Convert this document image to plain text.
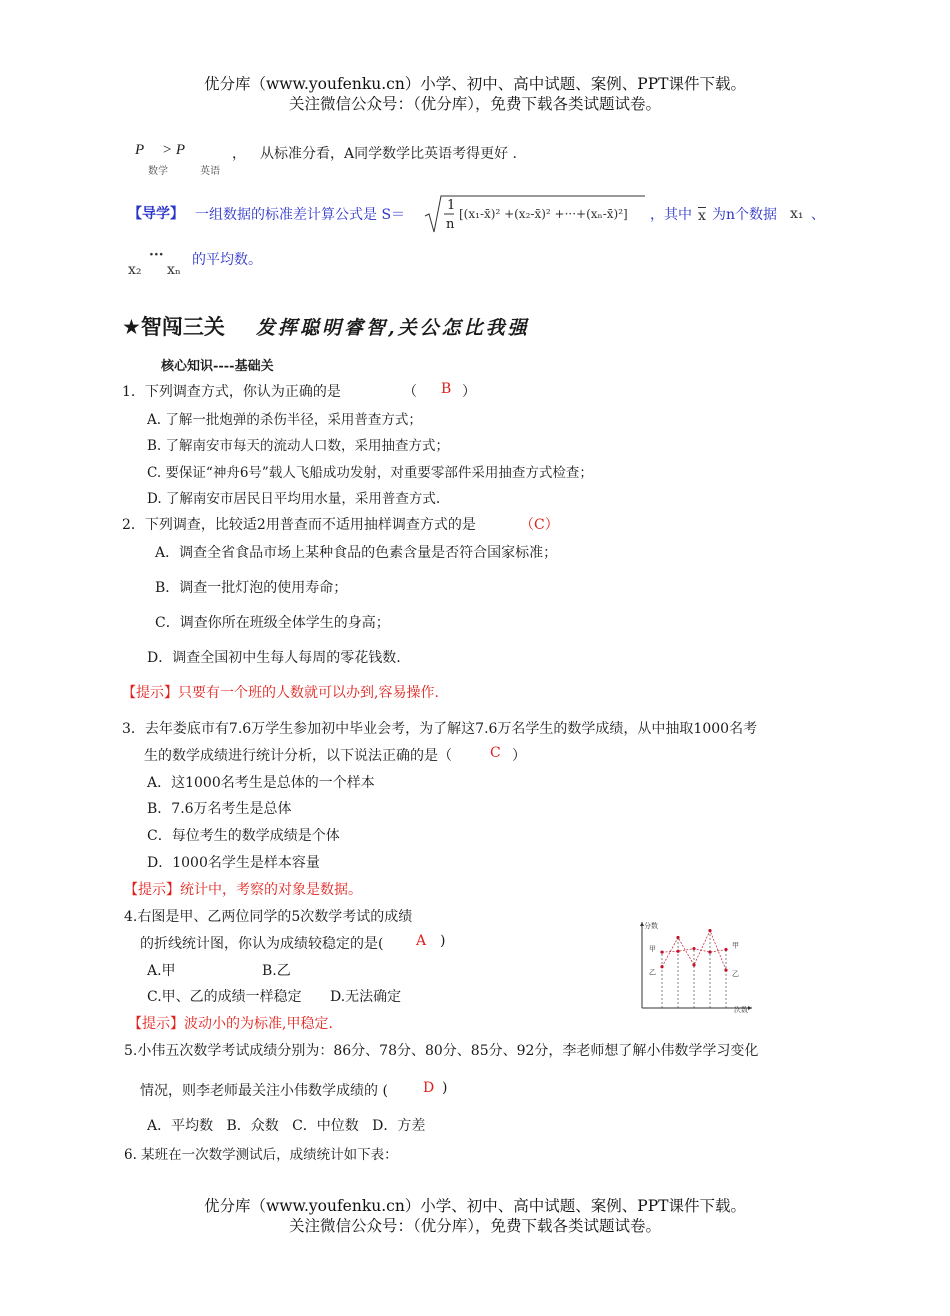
优分库（www.youfenku.cn）小学、初中、高中试题、案例、PPT课件下载。
关注微信公众号：（优分库），免费下载各类试题试卷。
P > P
数学	英语
， 从标准分看，A同学数学比英语考得更好 .
【导学】 一组数据的标准差计算公式是 S＝
1
n
[(x₁-x̄)² +(x₂-x̄)² +···+(xₙ-x̄)²] ，其中 $\overline{x}$ 为n个数据 x₁ 、
x₂
···
xₙ
的平均数。
★智闯三关 发挥聪明睿智,关公怎比我强
核心知识----基础关
1．下列调查方式，你认为正确的是	（ B ）
A. 了解一批炮弹的杀伤半径，采用普查方式；
B. 了解南安市每天的流动人口数，采用抽查方式；
C. 要保证“神舟6号”载人飞船成功发射，对重要零部件采用抽查方式检查；
D. 了解南安市居民日平均用水量，采用普查方式.
2．下列调查，比较适2用普查而不适用抽样调查方式的是	（C）
A．调查全省食品市场上某种食品的色素含量是否符合国家标准；
B．调查一批灯泡的使用寿命；
C．调查你所在班级全体学生的身高；
D．调查全国初中生每人每周的零花钱数.
【提示】只要有一个班的人数就可以办到,容易操作.
3．去年娄底市有7.6万学生参加初中毕业会考，为了解这7.6万名学生的数学成绩，从中抽取1000名考
生的数学成绩进行统计分析，以下说法正确的是（	C ）
A．这1000名考生是总体的一个样本
B．7.6万名考生是总体
C．每位考生的数学成绩是个体
D．1000名学生是样本容量
【提示】统计中，考察的对象是数据。
4.右图是甲、乙两位同学的5次数学考试的成绩
的折线统计图，你认为成绩较稳定的是( A )
A.甲	B.乙
C.甲、乙的成绩一样稳定 D.无法确定
【提示】波动小的为标准,甲稳定.
分数
次数
甲
乙
甲
乙
5.小伟五次数学考试成绩分别为：86分、78分、80分、85分、92分，李老师想了解小伟数学学习变化
情况，则李老师最关注小伟数学成绩的 (	D )
A．平均数   B．众数   C．中位数   D．方差
6. 某班在一次数学测试后，成绩统计如下表：
优分库（www.youfenku.cn）小学、初中、高中试题、案例、PPT课件下载。
关注微信公众号：（优分库），免费下载各类试题试卷。
